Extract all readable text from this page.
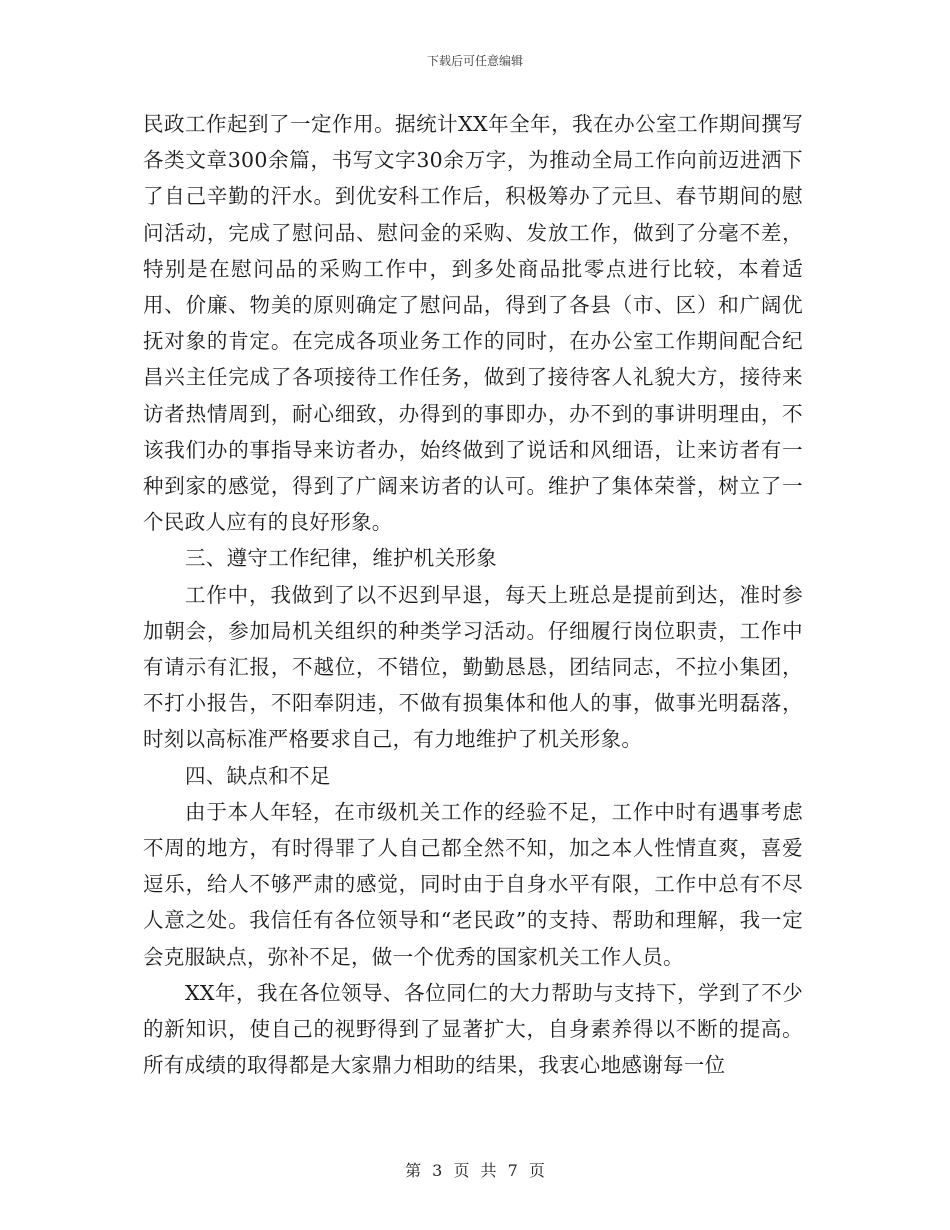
下载后可任意编辑

民政工作起到了一定作用。据统计XX年全年，我在办公室工作期间撰写各类文章300余篇，书写文字30余万字，为推动全局工作向前迈进洒下了自己辛勤的汗水。到优安科工作后，积极筹办了元旦、春节期间的慰问活动，完成了慰问品、慰问金的采购、发放工作，做到了分毫不差，特别是在慰问品的采购工作中，到多处商品批零点进行比较，本着适用、价廉、物美的原则确定了慰问品，得到了各县（市、区）和广阔优抚对象的肯定。在完成各项业务工作的同时，在办公室工作期间配合纪昌兴主任完成了各项接待工作任务，做到了接待客人礼貌大方，接待来访者热情周到，耐心细致，办得到的事即办，办不到的事讲明理由，不该我们办的事指导来访者办，始终做到了说话和风细语，让来访者有一种到家的感觉，得到了广阔来访者的认可。维护了集体荣誉，树立了一个民政人应有的良好形象。

三、遵守工作纪律，维护机关形象

工作中，我做到了以不迟到早退，每天上班总是提前到达，准时参加朝会，参加局机关组织的种类学习活动。仔细履行岗位职责，工作中有请示有汇报，不越位，不错位，勤勤恳恳，团结同志，不拉小集团，不打小报告，不阳奉阴违，不做有损集体和他人的事，做事光明磊落，时刻以高标准严格要求自己，有力地维护了机关形象。

四、缺点和不足

由于本人年轻，在市级机关工作的经验不足，工作中时有遇事考虑不周的地方，有时得罪了人自己都全然不知，加之本人性情直爽，喜爱逗乐，给人不够严肃的感觉，同时由于自身水平有限，工作中总有不尽人意之处。我信任有各位领导和“老民政”的支持、帮助和理解，我一定会克服缺点，弥补不足，做一个优秀的国家机关工作人员。

XX年，我在各位领导、各位同仁的大力帮助与支持下，学到了不少的新知识，使自己的视野得到了显著扩大，自身素养得以不断的提高。所有成绩的取得都是大家鼎力相助的结果，我衷心地感谢每一位

第 3 页 共 7 页
